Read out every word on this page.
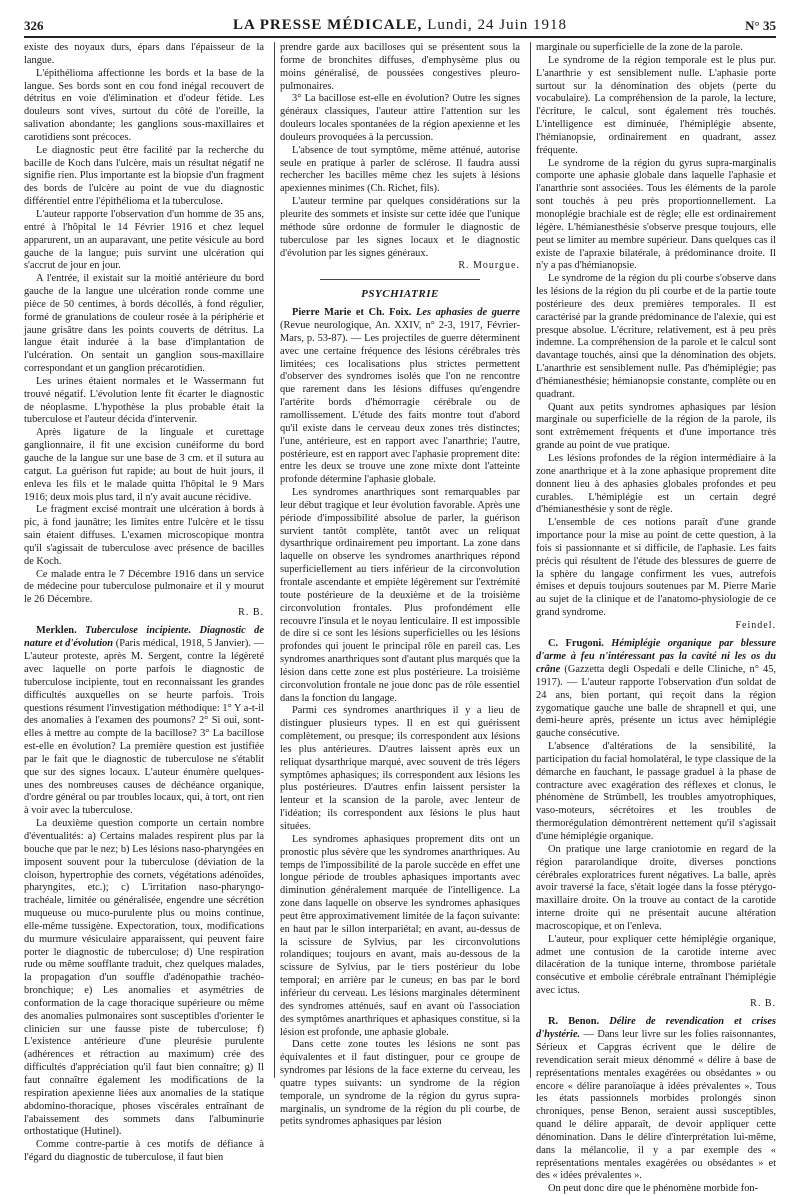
326	LA PRESSE MÉDICALE, Lundi, 24 Juin 1918	N° 35

existe des noyaux durs, épars dans l'épaisseur de la langue.

L'épithélioma affectionne les bords et la base de la langue. Ses bords sont en cou fond inégal recouvert de détritus en voie d'élimination et d'odeur fétide. Les douleurs sont vives, surtout du côté de l'oreille, la salivation abondante; les ganglions sous-maxillaires et carotidiens sont précoces.

Le diagnostic peut être facilité par la recherche du bacille de Koch dans l'ulcère, mais un résultat négatif ne signifie rien. Plus importante est la biopsie d'un fragment des bords de l'ulcère au point de vue du diagnostic différentiel entre l'épithélioma et la tuberculose.

L'auteur rapporte l'observation d'un homme de 35 ans, entré à l'hôpital le 14 Février 1916 et chez lequel apparurent, un an auparavant, une petite vésicule au bord gauche de la langue; puis survint une ulcération qui s'accrut de jour en jour.

A l'entrée, il existait sur la moitié antérieure du bord gauche de la langue une ulcération ronde comme une pièce de 50 centimes, à bords décollés, à fond régulier, formé de granulations de couleur rosée à la périphérie et jaune grisâtre dans les points couverts de détritus. La langue était indurée à la base d'implantation de l'ulcération. On sentait un ganglion sous-maxillaire correspondant et un ganglion précarotidien.

Les urines étaient normales et le Wassermann fut trouvé négatif. L'évolution lente fit écarter le diagnostic de néoplasme. L'hypothèse la plus probable était la tuberculose et l'auteur décida d'intervenir.

Après ligature de la linguale et curettage ganglionnaire, il fit une excision cunéiforme du bord gauche de la langue sur une base de 3 cm. et il sutura au catgut. La guérison fut rapide; au bout de huit jours, il enleva les fils et le malade quitta l'hôpital le 9 Mars 1916; deux mois plus tard, il n'y avait aucune récidive.

Le fragment excisé montrait une ulcération à bords à pic, à fond jaunâtre; les limites entre l'ulcère et le tissu sain étaient diffuses. L'examen microscopique montra qu'il s'agissait de tuberculose avec présence de bacilles de Koch.

Ce malade entra le 7 Décembre 1916 dans un service de médecine pour tuberculose pulmonaire et il y mourut le 26 Décembre.

R. B.

Merklen. Tuberculose incipiente. Diagnostic de nature et d'évolution (Paris médical, 1918, 5 Janvier). — L'auteur proteste, après M. Sergent, contre la légèreté avec laquelle on porte parfois le diagnostic de tuberculose incipiente, tout en reconnaissant les grandes difficultés auxquelles on se heurte parfois. Trois questions résument l'investigation méthodique: 1° Y a-t-il des anomalies à l'examen des poumons? 2° Si oui, sont-elles à mettre au compte de la bacillose? 3° La bacillose est-elle en évolution? La première question est justifiée par le fait que le diagnostic de tuberculose ne s'établit que sur des signes locaux. L'auteur énumère quelques-unes des nombreuses causes de déchéance organique, d'ordre général ou par troubles locaux, qui, à tort, ont rien à voir avec la tuberculose.

La deuxième question comporte un certain nombre d'éventualités: a) Certains malades respirent plus par la bouche que par le nez; b) Les lésions naso-pharyngées en imposent souvent pour la tuberculose (déviation de la cloison, hypertrophie des cornets, végétations adénoïdes, pharyngites, etc.); c) L'irritation naso-pharyngo-trachéale, limitée ou généralisée, engendre une sécrétion muqueuse ou muco-purulente plus ou moins continue, elle-même tussigène. Expectoration, toux, modifications du murmure vésiculaire apparaissent, qui peuvent faire porter le diagnostic de tuberculose; d) Une respiration rude ou même soufflante traduit, chez quelques malades, la propagation d'un souffle d'adénopathie trachéo-bronchique; e) Les anomalies et asymétries de conformation de la cage thoracique supérieure ou même des anomalies pulmonaires sont susceptibles d'orienter le clinicien sur une fausse piste de tuberculose; f) L'existence antérieure d'une pleurésie purulente (adhérences et rétraction au maximum) crée des difficultés d'appréciation qu'il faut bien connaître; g) Il faut connaître également les modifications de la respiration apexienne liées aux anomalies de la statique abdomino-thoracique, phoses viscérales entraînant de l'abaissement des sommets dans l'albuminurie orthostatique (Hutinel).

Comme contre-partie à ces motifs de défiance à l'égard du diagnostic de tuberculose, il faut bien

prendre garde aux bacilloses qui se présentent sous la forme de bronchites diffuses, d'emphysème plus ou moins généralisé, de poussées congestives pleuro-pulmonaires.

3° La bacillose est-elle en évolution? Outre les signes généraux classiques, l'auteur attire l'attention sur les douleurs locales spontanées de la région apexienne et les douleurs provoquées à la percussion.

L'absence de tout symptôme, même atténué, autorise seule en pratique à parler de sclérose. Il faudra aussi rechercher les bacilles même chez les sujets à lésions apexiennes minimes (Ch. Richet, fils).

L'auteur termine par quelques considérations sur la pleurite des sommets et insiste sur cette idée que l'unique méthode sûre ordonne de formuler le diagnostic de tuberculose par les signes locaux et le diagnostic d'évolution par les signes généraux.

R. Mourgue.
PSYCHIATRIE

Pierre Marie et Ch. Foix. Les aphasies de guerre (Revue neurologique, An. XXIV, n° 2-3, 1917, Février-Mars, p. 53-87). — Les projectiles de guerre déterminent avec une certaine fréquence des lésions cérébrales très limitées; ces localisations plus strictes permettent d'observer des syndromes isolés que l'on ne rencontre que rarement dans les lésions diffuses qu'engendre l'artérite bords d'hémorragie cérébrale ou de ramollissement. L'étude des faits montre tout d'abord qu'il existe dans le cerveau deux zones très distinctes; l'une, antérieure, est en rapport avec l'anarthrie; l'autre, postérieure, est en rapport avec l'aphasie proprement dite: entre les deux se trouve une zone mixte dont l'atteinte profonde détermine l'aphasie globale.

Les syndromes anarthriques sont remarquables par leur début tragique et leur évolution favorable. Après une période d'impossibilité absolue de parler, la guérison survient tantôt complète, tantôt avec un reliquat dysarthrique ordinairement peu important. La zone dans laquelle on observe les syndromes anarthriques répond superficiellement au tiers inférieur de la circonvolution frontale ascendante et empiète légèrement sur l'extrémité toute postérieure de la deuxième et de la troisième circonvolution frontales. Plus profondément elle recouvre l'insula et le noyau lenticulaire. Il est impossible de dire si ce sont les lésions superficielles ou les lésions profondes qui jouent le principal rôle en pareil cas. Les syndromes anarthriques sont d'autant plus marqués que la lésion dans cette zone est plus postérieure. La troisième circonvolution frontale ne joue donc pas de rôle essentiel dans la fonction du langage.

Parmi ces syndromes anarthriques il y a lieu de distinguer plusieurs types. Il en est qui guérissent complètement, ou presque; ils correspondent aux lésions les plus antérieures. D'autres laissent après eux un reliquat dysarthrique marqué, avec souvent de très légers symptômes aphasiques; ils correspondent aux lésions les plus postérieures. D'autres enfin laissent persister la lenteur et la scansion de la parole, avec lenteur de l'idéation; ils correspondent aux lésions le plus haut situées.

Les syndromes aphasiques proprement dits ont un pronostic plus sévère que les syndromes anarthriques. Au temps de l'impossibilité de la parole succède en effet une longue période de troubles aphasiques importants avec diminution généralement marquée de l'intelligence. La zone dans laquelle on observe les syndromes aphasiques peut être approximativement limitée de la façon suivante: en haut par le sillon interpariétal; en avant, au-dessus de la scissure de Sylvius, par les circonvolutions rolandiques; toujours en avant, mais au-dessous de la scissure de Sylvius, par le tiers postérieur du lobe temporal; en arrière par le cuneus; en bas par le bord inférieur du cerveau. Les lésions marginales déterminent des syndromes atténués, sauf en avant où l'association des symptômes anarthriques et aphasiques constitue, si la lésion est profonde, une aphasie globale.

Dans cette zone toutes les lésions ne sont pas équivalentes et il faut distinguer, pour ce groupe de syndromes par lésions de la face externe du cerveau, les quatre types suivants: un syndrome de la région temporale, un syndrome de la région du gyrus supra-marginalis, un syndrome de la région du pli courbe, de petits syndromes aphasiques par lésion

marginale ou superficielle de la zone de la parole.

Le syndrome de la région temporale est le plus pur. L'anarthrie y est sensiblement nulle. L'aphasie porte surtout sur la dénomination des objets (perte du vocabulaire). La compréhension de la parole, la lecture, l'écriture, le calcul, sont également très touchés. L'intelligence est diminuée, l'hémiplégie absente, l'hémianopsie, ordinairement en quadrant, assez fréquente.

Le syndrome de la région du gyrus supra-marginalis comporte une aphasie globale dans laquelle l'aphasie et l'anarthrie sont associées. Tous les éléments de la parole sont touchés à peu près proportionnellement. La monoplégie brachiale est de règle; elle est ordinairement légère. L'hémianesthésie s'observe presque toujours, elle peut se limiter au membre supérieur. Dans quelques cas il existe de l'apraxie bilatérale, à prédominance droite. Il n'y a pas d'hémianopsie.

Le syndrome de la région du pli courbe s'observe dans les lésions de la région du pli courbe et de la partie toute postérieure des deux premières temporales. Il est caractérisé par la grande prédominance de l'alexie, qui est presque absolue. L'écriture, relativement, est à peu près indemne. La compréhension de la parole et le calcul sont davantage touchés, ainsi que la dénomination des objets. L'anarthrie est sensiblement nulle. Pas d'hémiplégie; pas d'hémianesthésie; hémianopsie constante, complète ou en quadrant.

Quant aux petits syndromes aphasiques par lésion marginale ou superficielle de la région de la parole, ils sont extrêmement fréquents et d'une importance très grande au point de vue pratique.

Les lésions profondes de la région intermédiaire à la zone anarthrique et à la zone aphasique proprement dite donnent lieu à des aphasies globales profondes et peu curables. L'hémiplégie est un certain degré d'hémianesthésie y sont de règle.

L'ensemble de ces notions paraît d'une grande importance pour la mise au point de cette question, à la fois si passionnante et si difficile, de l'aphasie. Les faits précis qui résultent de l'étude des blessures de guerre de la sphère du langage confirment les vues, autrefois émises et depuis toujours soutenues par M. Pierre Marie au sujet de la clinique et de l'anatomo-physiologie de ce grand syndrome.

Feindel.

C. Frugoni. Hémiplégie organique par blessure d'arme à feu n'intéressant pas la cavité ni les os du crâne (Gazzetta degli Ospedali e delle Cliniche, n° 45, 1917). — L'auteur rapporte l'observation d'un soldat de 24 ans, bien portant, qui reçoit dans la région zygomatique gauche une balle de shrapnell et qui, une demi-heure après, présente un ictus avec hémiplégie gauche consécutive.

L'absence d'altérations de la sensibilité, la participation du facial homolatéral, le type classique de la démarche en fauchant, le passage graduel à la phase de contracture avec exagération des réflexes et clonus, le phénomène de Strümbell, les troubles amyotrophiques, vaso-moteurs, sécrétoires et les troubles de thermorégulation démontrèrent nettement qu'il s'agissait d'une hémiplégie organique.

On pratique une large craniotomie en regard de la région pararolandique droite, diverses ponctions cérébrales exploratrices furent négatives. La balle, après avoir traversé la face, s'était logée dans la fosse ptérygo-maxillaire droite. On la trouve au contact de la carotide interne droite qui ne présentait aucune altération macroscopique, et on l'enleva.

L'auteur, pour expliquer cette hémiplégie organique, admet une contusion de la carotide interne avec dilacération de la tunique interne, thrombose pariétale consécutive et embolie cérébrale entraînant l'hémiplégie avec ictus.

R. B.

R. Benon. Délire de revendication et crises d'hystérie. — Dans leur livre sur les folies raisonnantes, Sérieux et Capgras écrivent que le délire de revendication serait mieux dénommé « délire à base de représentations mentales exagérées ou obsédantes » ou encore « délire paranoïaque à idées prévalentes ». Tous les états passionnels morbides prolongés sinon chroniques, pense Benon, seraient aussi susceptibles, quand le délire apparaît, de devoir appliquer cette dénomination. Dans le délire d'interprétation lui-même, dans la mélancolie, il y a par exemple des « représentations mentales exagérées ou obsédantes » et des « idées prévalentes ».

On peut donc dire que le phénomène morbide fon-
